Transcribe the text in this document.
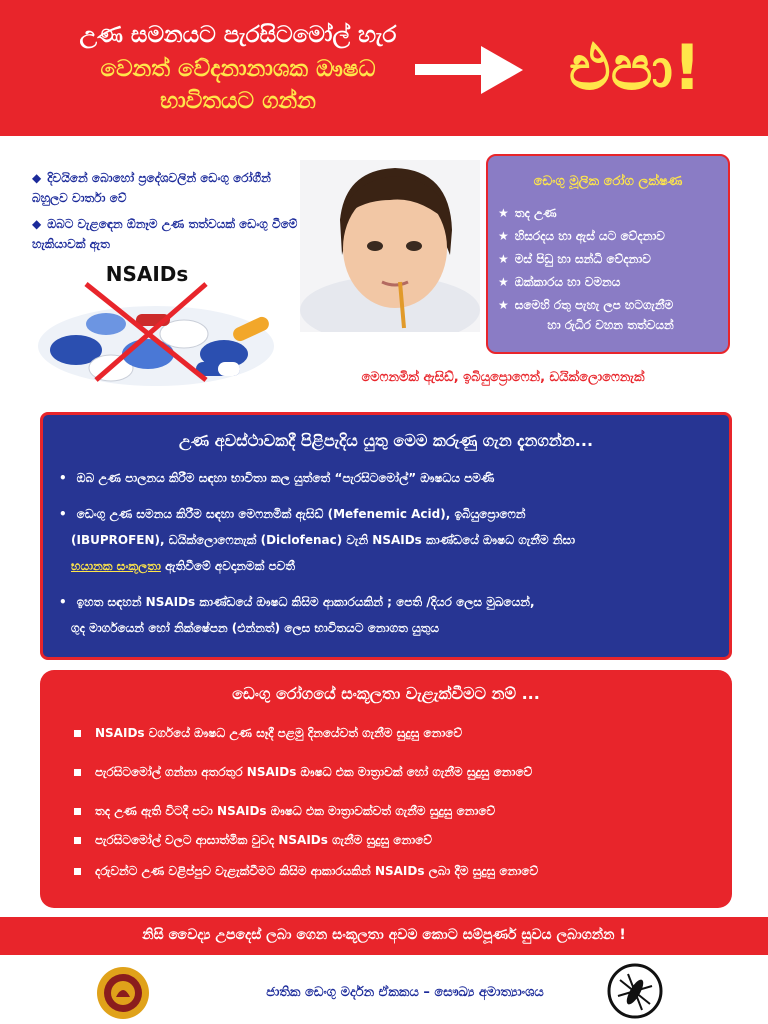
උණ සමනයට පැරසිටමෝල් හැර
වෙනත් වේදනානාශක ඖෂධ
භාවිතයට ගන්න	එපා!
◆ දිවයිනේ බොහෝ ප්‍රදේශවලින් ඩෙංගු රෝගීන් බහුලව වාර්තා වේ
◆ ඔබට වැළඳෙන ඕනෑම උණ තත්වයක් ඩෙංගු වීමේ හැකියාවක් ඇත
NSAIDs
ඩෙංගු මූලික රෝග ලක්ෂණ
★ තද උණ
★ හිසරදය හා ඇස් යට වේදනාව
★ මස් පිඩු හා සන්ධි වේදනාව
★ ඔක්කාරය හා වමනය
★ සමෙහි රතු පැහැ ලප හටගැනීම
හා රුධිර වහන තත්වයන්
මෙෆනමික් ඇසිඩ්, ඉබියුප්‍රොෆෙන්, ඩයික්ලොෆෙනැක්
උණ අවස්ථාවකදී පිළිපැදිය යුතු මෙම කරුණු ගැන දැනගන්න...
• ඔබ උණ පාලනය කිරීම සඳහා භාවිතා කල යුත්තේ “පැරසිටමෝල්” ඖෂධය පමණි
• ඩෙංගු උණ සමනය කිරීම සඳහා මෙෆනමික් ඇසිඩ් (Mefenemic Acid), ඉබියුප්‍රොෆෙන්
(IBUPROFEN), ඩයික්ලොෆෙනැක් (Diclofenac) වැනි NSAIDs කාණ්ඩයේ ඖෂධ ගැනීම නිසා
භයානක සංකූලතා ඇතිවීමේ අවදානමක් පවතී
• ඉහත සඳහන් NSAIDs කාණ්ඩයේ ඖෂධ කිසිම ආකාරයකින් ; පෙති /දියර ලෙස මුඛයෙන්,
ගුද මාර්ගයෙන් හෝ නික්ෂේපන (එන්නත්) ලෙස භාවිතයට නොගත යුතුය
ඩෙංගු රෝගයේ සංකූලතා වැළැක්වීමට නම් ...
NSAIDs වර්ගයේ ඖෂධ උණ සෑදී පළමු දිනයේවත් ගැනීම සුදුසු නොවේ
පැරසිටමෝල් ගන්නා අතරතුර NSAIDs ඖෂධ එක මාත්‍රාවක් හෝ ගැනීම සුදුසු නොවේ
තද උණ ඇති විටදී පවා NSAIDs ඖෂධ එක මාත්‍රාවක්වත් ගැනීම සුදුසු නොවේ
පැරසිටමෝල් වලට ආසාත්මික වුවද NSAIDs ගැනීම සුදුසු නොවේ
දරුවන්ට උණ වළිප්පුව වැළැක්වීමට කිසිම ආකාරයකින් NSAIDs ලබා දීම සුදුසු නොවේ
නිසි වෛද්‍ය උපදෙස් ලබා ගෙන සංකූලතා අවම කොට සම්පූර්ණ සුවය ලබාගන්න !
ජාතික ඩෙංගු මර්දන ඒකකය – සෞඛ්‍ය අමාත්‍යාංශය
